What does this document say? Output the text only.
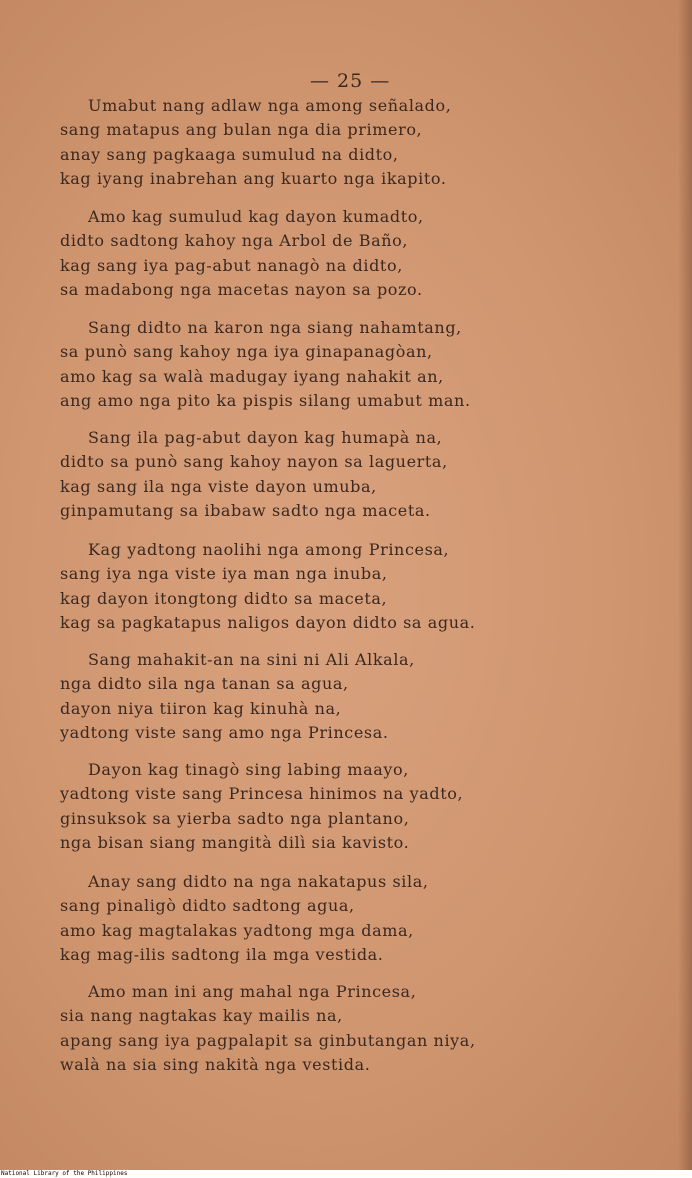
— 25 —
Umabut nang adlaw nga among señalado,
sang matapus ang bulan nga dia primero,
anay sang pagkaaga sumulud na didto,
kag iyang inabrehan ang kuarto nga ikapito.
Amo kag sumulud kag dayon kumadto,
didto sadtong kahoy nga Arbol de Baño,
kag sang iya pag-abut nanagò na didto,
sa madabong nga macetas nayon sa pozo.
Sang didto na karon nga siang nahamtang,
sa punò sang kahoy nga iya ginapanagòan,
amo kag sa walà madugay iyang nahakit an,
ang amo nga pito ka pispis silang umabut man.
Sang ila pag-abut dayon kag humapà na,
didto sa punò sang kahoy nayon sa laguerta,
kag sang ila nga viste dayon umuba,
ginpamutang sa ibabaw sadto nga maceta.
Kag yadtong naolihi nga among Princesa,
sang iya nga viste iya man nga inuba,
kag dayon itongtong didto sa maceta,
kag sa pagkatapus naligos dayon didto sa agua.
Sang mahakit-an na sini ni Ali Alkala,
nga didto sila nga tanan sa agua,
dayon niya tiiron kag kinuhà na,
yadtong viste sang amo nga Princesa.
Dayon kag tinagò sing labing maayo,
yadtong viste sang Princesa hinimos na yadto,
ginsuksok sa yierba sadto nga plantano,
nga bisan siang mangità dilì sia kavisto.
Anay sang didto na nga nakatapus sila,
sang pinaligò didto sadtong agua,
amo kag magtalakas yadtong mga dama,
kag mag-ilis sadtong ila mga vestida.
Amo man ini ang mahal nga Princesa,
sia nang nagtakas kay mailis na,
apang sang iya pagpalapit sa ginbutangan niya,
walà na sia sing nakità nga vestida.
National Library of the Philippines
